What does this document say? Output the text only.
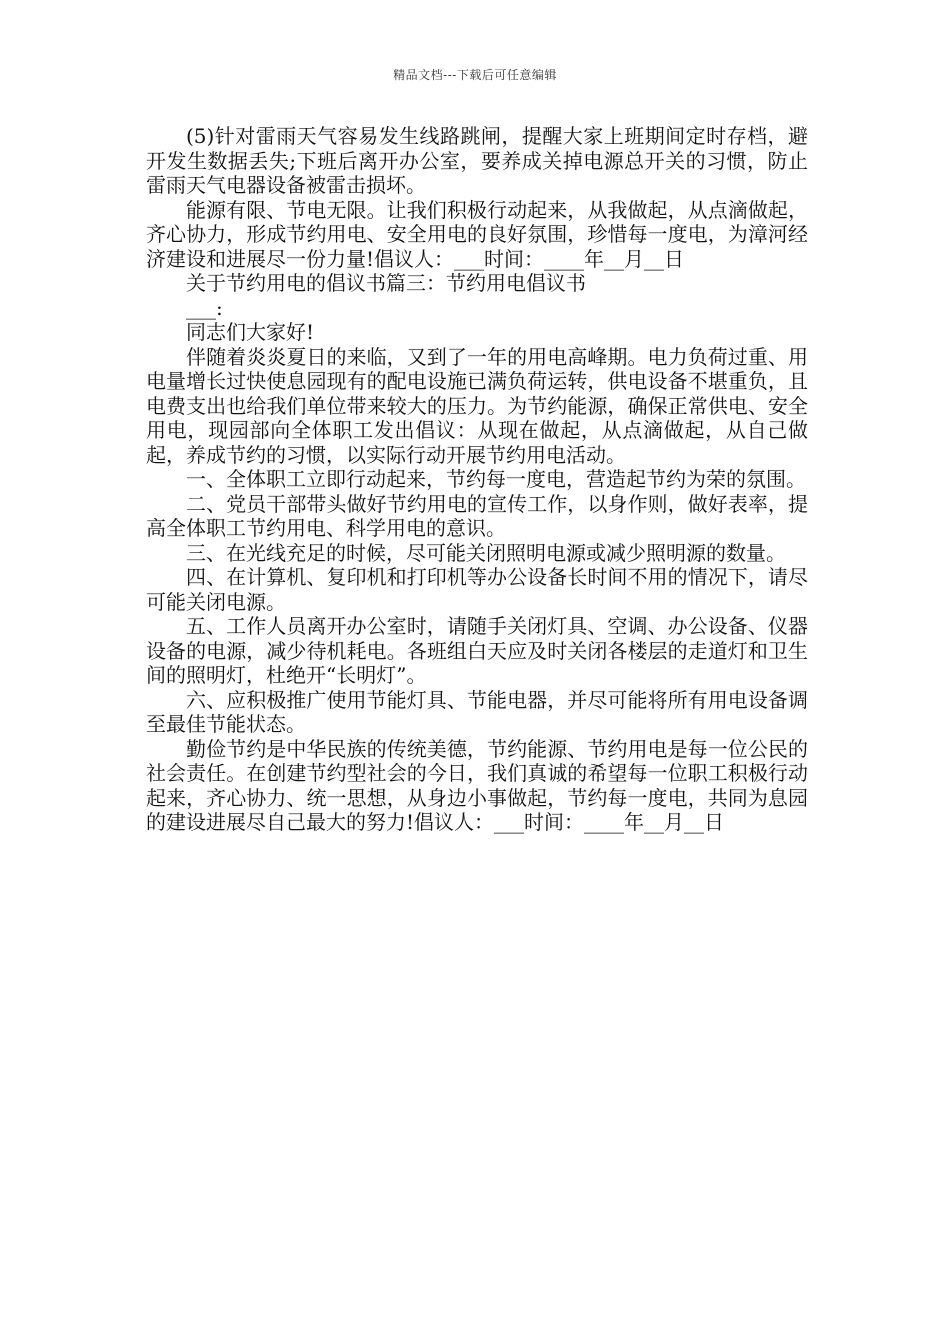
精品文档---下载后可任意编辑

(5)针对雷雨天气容易发生线路跳闸，提醒大家上班期间定时存档，避开发生数据丢失;下班后离开办公室，要养成关掉电源总开关的习惯，防止雷雨天气电器设备被雷击损坏。

能源有限、节电无限。让我们积极行动起来，从我做起，从点滴做起，齐心协力，形成节约用电、安全用电的良好氛围，珍惜每一度电，为漳河经济建设和进展尽一份力量!倡议人：___时间：____年__月__日

关于节约用电的倡议书篇三：节约用电倡议书

___:

同志们大家好!

伴随着炎炎夏日的来临，又到了一年的用电高峰期。电力负荷过重、用电量增长过快使息园现有的配电设施已满负荷运转，供电设备不堪重负，且电费支出也给我们单位带来较大的压力。为节约能源，确保正常供电、安全用电，现园部向全体职工发出倡议：从现在做起，从点滴做起，从自己做起，养成节约的习惯，以实际行动开展节约用电活动。

一、全体职工立即行动起来，节约每一度电，营造起节约为荣的氛围。

二、党员干部带头做好节约用电的宣传工作，以身作则，做好表率，提高全体职工节约用电、科学用电的意识。

三、在光线充足的时候，尽可能关闭照明电源或减少照明源的数量。

四、在计算机、复印机和打印机等办公设备长时间不用的情况下，请尽可能关闭电源。

五、工作人员离开办公室时，请随手关闭灯具、空调、办公设备、仪器设备的电源，减少待机耗电。各班组白天应及时关闭各楼层的走道灯和卫生间的照明灯，杜绝开“长明灯”。

六、应积极推广使用节能灯具、节能电器，并尽可能将所有用电设备调至最佳节能状态。

勤俭节约是中华民族的传统美德，节约能源、节约用电是每一位公民的社会责任。在创建节约型社会的今日，我们真诚的希望每一位职工积极行动起来，齐心协力、统一思想，从身边小事做起，节约每一度电，共同为息园的建设进展尽自己最大的努力!倡议人：___时间：____年__月__日
